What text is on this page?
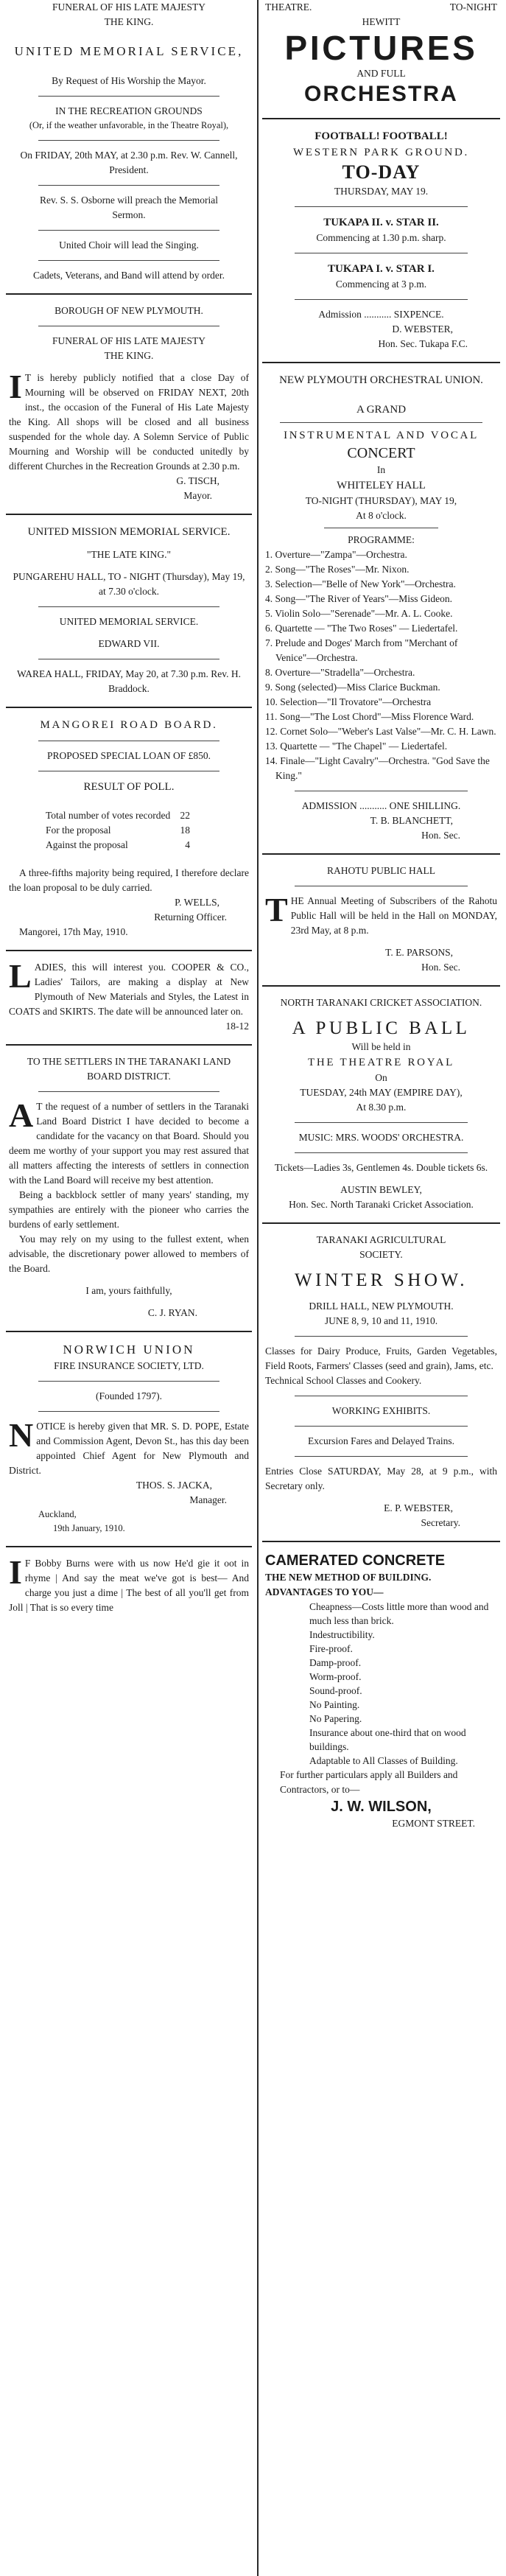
FUNERAL OF HIS LATE MAJESTY

THE KING.

UNITED MEMORIAL SERVICE,

By Request of His Worship the Mayor.

IN THE RECREATION GROUNDS

(Or, if the weather unfavorable, in the Theatre Royal),

On FRIDAY, 20th MAY, at 2.30 p.m. Rev. W. Cannell, President.

Rev. S. S. Osborne will preach the Memorial Sermon.

United Choir will lead the Singing.

Cadets, Veterans, and Band will attend by order.

BOROUGH OF NEW PLYMOUTH.

FUNERAL OF HIS LATE MAJESTY

THE KING.

I T is hereby publicly notified that a close Day of Mourning will be observed on FRIDAY NEXT, 20th inst., the occasion of the Funeral of His Late Majesty the King. All shops will be closed and all business suspended for the whole day. A Solemn Service of Public Mourning and Worship will be conducted unitedly by different Churches in the Recreation Grounds at 2.30 p.m.

G. TISCH,

Mayor.

UNITED MISSION MEMORIAL SERVICE.

"THE LATE KING."

PUNGAREHU HALL, TO - NIGHT (Thursday), May 19, at 7.30 o'clock.

UNITED MEMORIAL SERVICE.

EDWARD VII.

WAREA HALL, FRIDAY, May 20, at 7.30 p.m. Rev. H. Braddock.

MANGOREI ROAD BOARD.

PROPOSED SPECIAL LOAN OF £850.

RESULT OF POLL.

Total number of votes recorded 22
For the proposal	18
Against the proposal	4

A three-fifths majority being required, I therefore declare the loan proposal to be duly carried.

P. WELLS,

Returning Officer.

Mangorei, 17th May, 1910.

LADIES, this will interest you. COOPER & CO., Ladies' Tailors, are making a display at New Plymouth of New Materials and Styles, the Latest in COATS and SKIRTS. The date will be announced later on.

18-12

TO THE SETTLERS IN THE TARANAKI LAND BOARD DISTRICT.

A T the request of a number of settlers in the Taranaki Land Board District I have decided to become a candidate for the vacancy on that Board. Should you deem me worthy of your support you may rest assured that all matters affecting the interests of settlers in connection with the Land Board will receive my best attention.

Being a backblock settler of many years' standing, my sympathies are entirely with the pioneer who carries the burdens of early settlement.

You may rely on my using to the fullest extent, when advisable, the discretionary power allowed to members of the Board.

I am, yours faithfully,

C. J. RYAN.

NORWICH UNION

FIRE INSURANCE SOCIETY, LTD.

(Founded 1797).

NOTICE is hereby given that MR. S. D. POPE, Estate and Commission Agent, Devon St., has this day been appointed Chief Agent for New Plymouth and District.

THOS. S. JACKA,

Manager.

Auckland,

19th January, 1910.

I F Bobby Burns were with us now He'd gie it oot in rhyme | And say the meat we've got is best— And charge you just a dime | The best of all you'll get from Joll | That is so every time

THEATRE.	TO-NIGHT

HEWITT

PICTURES

AND FULL

ORCHESTRA

FOOTBALL! FOOTBALL!

WESTERN PARK GROUND.

TO-DAY

THURSDAY, MAY 19.

TUKAPA II. v. STAR II.

Commencing at 1.30 p.m. sharp.

TUKAPA I. v. STAR I.

Commencing at 3 p.m.

Admission ........... SIXPENCE.

D. WEBSTER,

Hon. Sec. Tukapa F.C.

NEW PLYMOUTH ORCHESTRAL UNION.

A GRAND

INSTRUMENTAL AND VOCAL

CONCERT

In

WHITELEY HALL

TO-NIGHT (THURSDAY), MAY 19,

At 8 o'clock.

PROGRAMME:

1. Overture—"Zampa"—Orchestra.
2. Song—"The Roses"—Mr. Nixon.
3. Selection—"Belle of New York"—Orchestra.
4. Song—"The River of Years"—Miss Gideon.
5. Violin Solo—"Serenade"—Mr. A. L. Cooke.
6. Quartette — "The Two Roses" — Liedertafel.
7. Prelude and Doges' March from "Merchant of Venice"—Orchestra.
8. Overture—"Stradella"—Orchestra.
9. Song (selected)—Miss Clarice Buckman.
10. Selection—"Il Trovatore"—Orchestra
11. Song—"The Lost Chord"—Miss Florence Ward.
12. Cornet Solo—"Weber's Last Valse"—Mr. C. H. Lawn.
13. Quartette — "The Chapel" — Liedertafel.
14. Finale—"Light Cavalry"—Orchestra. "God Save the King."

ADMISSION ........... ONE SHILLING.

T. B. BLANCHETT,

Hon. Sec.

RAHOTU PUBLIC HALL

THE Annual Meeting of Subscribers of the Rahotu Public Hall will be held in the Hall on MONDAY, 23rd May, at 8 p.m.

T. E. PARSONS,

Hon. Sec.

NORTH TARANAKI CRICKET ASSOCIATION.

A PUBLIC BALL

Will be held in

THE THEATRE ROYAL

On

TUESDAY, 24th MAY (EMPIRE DAY),

At 8.30 p.m.

MUSIC: MRS. WOODS' ORCHESTRA.

Tickets—Ladies 3s, Gentlemen 4s. Double tickets 6s.

AUSTIN BEWLEY,

Hon. Sec. North Taranaki Cricket Association.

TARANAKI AGRICULTURAL SOCIETY.

WINTER SHOW.

DRILL HALL, NEW PLYMOUTH.

JUNE 8, 9, 10 and 11, 1910.

Classes for Dairy Produce, Fruits, Garden Vegetables, Field Roots, Farmers' Classes (seed and grain), Jams, etc.

Technical School Classes and Cookery.

WORKING EXHIBITS.

Excursion Fares and Delayed Trains.

Entries Close SATURDAY, May 28, at 9 p.m., with Secretary only.

E. P. WEBSTER,

Secretary.

CAMERATED CONCRETE

THE NEW METHOD OF BUILDING.

ADVANTAGES TO YOU—

Cheapness—Costs little more than wood and much less than brick.
Indestructibility.
Fire-proof.
Damp-proof.
Worm-proof.
Sound-proof.
No Painting.
No Papering.
Insurance about one-third that on wood buildings.
Adaptable to All Classes of Building.

For further particulars apply all Builders and Contractors, or to—

J. W. WILSON,

EGMONT STREET.
